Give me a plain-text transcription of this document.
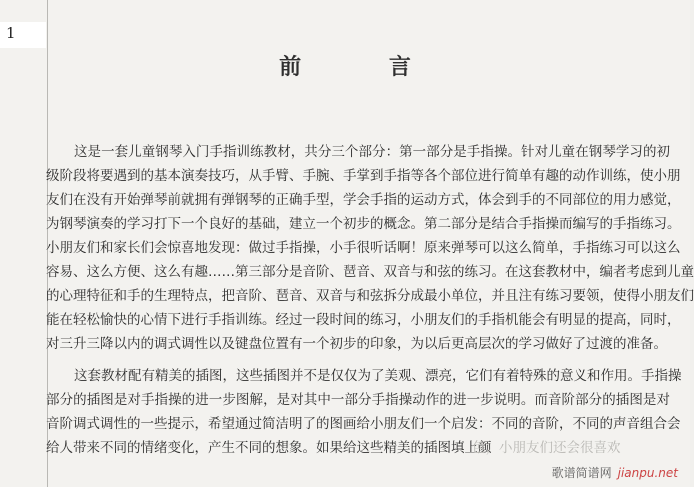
1
前 言
这是一套儿童钢琴入门手指训练教材，共分三个部分：第一部分是手指操。针对儿童在钢琴学习的初
级阶段将要遇到的基本演奏技巧，从手臂、手腕、手掌到手指等各个部位进行简单有趣的动作训练，使小朋
友们在没有开始弹琴前就拥有弹钢琴的正确手型，学会手指的运动方式，体会到手的不同部位的用力感觉，
为钢琴演奏的学习打下一个良好的基础，建立一个初步的概念。第二部分是结合手指操而编写的手指练习。
小朋友们和家长们会惊喜地发现：做过手指操，小手很听话啊！原来弹琴可以这么简单，手指练习可以这么
容易、这么方便、这么有趣……第三部分是音阶、琶音、双音与和弦的练习。在这套教材中，编者考虑到儿童
的心理特征和手的生理特点，把音阶、琶音、双音与和弦拆分成最小单位，并且注有练习要领，使得小朋友们
能在轻松愉快的心情下进行手指训练。经过一段时间的练习，小朋友们的手指机能会有明显的提高，同时，
对三升三降以内的调式调性以及键盘位置有一个初步的印象，为以后更高层次的学习做好了过渡的准备。
这套教材配有精美的插图，这些插图并不是仅仅为了美观、漂亮，它们有着特殊的意义和作用。手指操
部分的插图是对手指操的进一步图解，是对其中一部分手指操动作的进一步说明。而音阶部分的插图是对
音阶调式调性的一些提示，希望通过简洁明了的图画给小朋友们一个启发：不同的音阶，不同的声音组合会
给人带来不同的情绪变化，产生不同的想象。如果给这些精美的插图填上颜
色，小朋友们还会很喜欢
歌谱简谱网 jianpu.net
